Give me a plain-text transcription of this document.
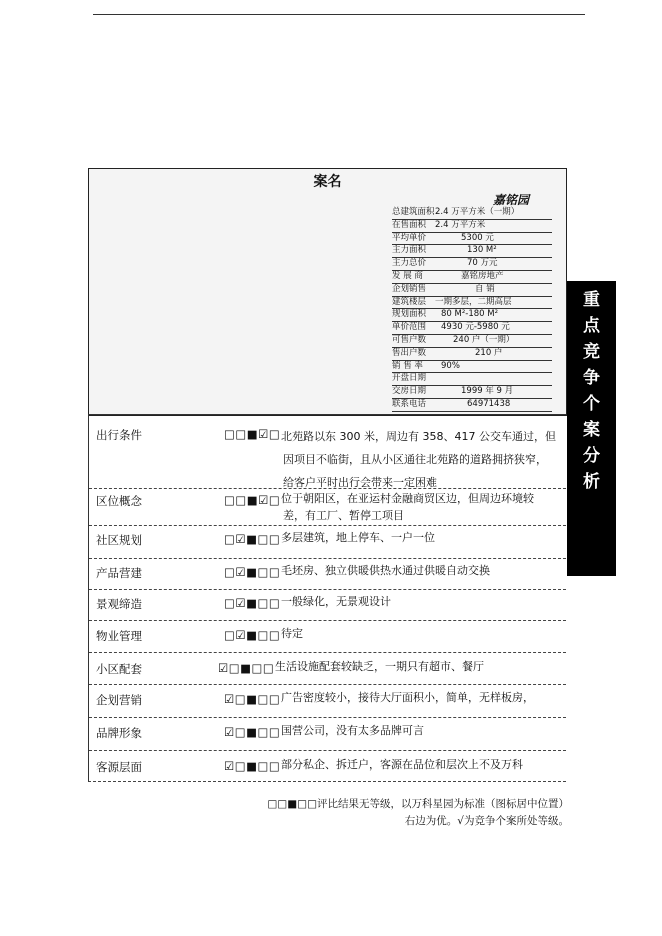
案名
嘉铭园
总建筑面积2.4 万平方米（一期）
在售面积 2.4 万平方米
平均单价	5300 元
主力面积	130 M²
主力总价	70 万元
发 展 商	嘉铭房地产
企划销售	自 销
建筑楼层 一期多层，二期高层
规划面积 80 M²-180 M²
单价范围 4930 元-5980 元
可售户数	240 户（一期）
售出户数	210 户
销 售 率 90%
开盘日期
交房日期	1999 年 9 月
联系电话	64971438
重
点
竞
争
个
案
分
析
出行条件	□□■☑□ 北苑路以东 300 米，周边有 358、417 公交车通过，但
因项目不临街，且从小区通往北苑路的道路拥挤狭窄，
给客户平时出行会带来一定困难
区位概念	□□■☑□ 位于朝阳区，在亚运村金融商贸区边，但周边环境较
差，有工厂、暂停工项目
社区规划	□☑■□□ 多层建筑，地上停车、一户一位
产品营建	□☑■□□ 毛坯房、独立供暖供热水通过供暖自动交换
景观缔造	□☑■□□ 一般绿化，无景观设计
物业管理	□☑■□□ 待定
小区配套	☑□■□□ 生活设施配套较缺乏，一期只有超市、餐厅
企划营销	☑□■□□ 广告密度较小，接待大厅面积小，简单，无样板房，
品牌形象	☑□■□□ 国营公司，没有太多品牌可言
客源层面	☑□■□□ 部分私企、拆迁户，客源在品位和层次上不及万科
□□■□□评比结果无等级，以万科星园为标准（图标居中位置）
右边为优。√为竞争个案所处等级。
